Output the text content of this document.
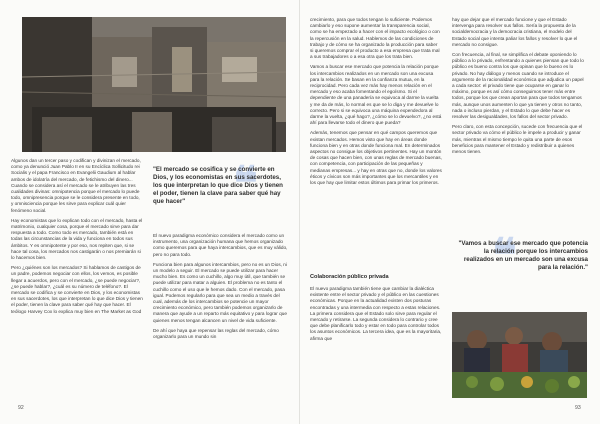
Algunos dan un tercer paso y codifican y divinizan el mercado, como ya denunció Juan Pablo II en su Encíclica Sollicitudo rei Socialis y el papa Francisco en Evangelii Gaudium al hablar ambos de idolatría del mercado, de fetichismo del dinero... Cuando se considera así el mercado se le atribuyen las tres cualidades divinas: omnipotencia porque el mercado lo puede todo, omnipresencia porque se le considera presente en todo, y omnisciencia porque les sirve para explicar cuál quier fenómeno social.

Hay economistas que lo explican todo con el mercado, hasta el matrimonio, cualquier cosa, porque el mercado sirve para dar respuesta a todo. Como todo es mercado, también está en todas las circunstancias de la vida y funciona en todos sus ámbitos. Y es omnipotente y por eso, nos repiten que, si se hace tal cosa, los mercados nos castigarán o nos premiarán si lo hacemos bien.

Pero ¿quiénes son los mercados? Si hablamos de castigos de un padre, podemos negociar con ellos, los vemos, es posible llegar a acuerdos, pero con el mercado, ¿se puede negociar?, ¿se puede hablar?, ¿cuál es su número de teléfono?. El mercado se codifica y se convierte en Dios, y los economistas en sus sacerdotes, los que interpretan lo que dice Dios y tienen el poder, tienen la clave para saber qué hay que hacer. El teólogo Harvey Cox lo explica muy bien en The Market as God

❝
"El mercado se cosifica y se convierte en Dios, y los economistas en sus sacerdotes, los que interpretan lo que dice Dios y tienen el poder, tienen la clave para saber qué hay que hacer"

El nuevo paradigma económico considera el mercado como un instrumento, una organización humana que hemos organizado como queremos para que haya intercambios, que es muy válido, pero no para todo.

Funciona bien para algunos intercambios, pero no es un Dios, ni un modelo a seguir. El mercado se puede utilizar para hacer mucho bien. Es como un cuchillo, algo muy útil, que también se puede utilizar para matar a alguien. El problema no es tanto el cuchillo como el uso que le hemos dado. Con el mercado, pasa igual. Podemos regularlo para que sea un medio a través del cual, además de los intercambios se potencie un mayor crecimiento económico, pero también podemos organizarlo de manera que ayude a un reparto más equitativo y para lograr que quienes menos tengan alcancen un nivel de vida suficiente.

De ahí que haya que repensar las reglas del mercado, cómo organizarlo para un mundo sin

92

crecimiento, para que todos tengan lo suficiente. Podemos cambiarlo y eso supone aumentar la transparencia social, como se ha empezado a hacer con el impacto ecológico o con la repercusión en la salud. Hablemos de las condiciones de trabajo y de cómo se ha organizado la producción para saber si queremos comprar el producto a esa empresa que trata mal a sus trabajadores o a esa otra que los trata bien.

Vamos a buscar ese mercado que potencia la relación porque los intercambios realizados en un mercado son una excusa para la relación. Se basan en la confianza mutua, en la reciprocidad. Pero cada vez más hay menos relación en el mercado y eso acaba fomentando el egoísmo. Si el dependiente de una panadería se equivoca al darme la vuelta y me da de más, lo normal es que se lo diga y me devuelve lo correcto. Pero si se equivoca una máquina expendedora al darme la vuelta, ¿qué hago?, ¿cómo se lo devuelvo?, ¿no está ahí para llevarse todo el dinero que pueda?

Además, tenemos que pensar en qué campos queremos que existan mercados. Hemos visto que hay en áreas donde funciona bien y en otras donde funciona mal. En determinados aspectos no consigue los objetivos pertinentes. Hay un montón de cosas que hacen bien, con unas reglas de mercado buenas, con competencia, con participación de las pequeñas y medianas empresas... y hay en otras que no, donde los valores éticos y cívicos son más importantes que los mercantiles y en los que hay que limitar estos últimos para primar los primeros.

Colaboración público privada

El nuevo paradigma también tiene que cambiar la dialéctica existente entre el sector privado y el público en las cuestiones económicas. Porque en la actualidad existen dos posturas encontradas y una intermedia con respecto a estas relaciones. La primera considera que el Estado solo sirve para regular el mercado y retirarse. La segunda considera lo contrario y cree que debe planificarlo todo y estar en todo para controlar todos los asuntos económicos. La tercera idea, que es la mayoritaria, afirma que

hay que dejar que el mercado funcione y que el Estado intervenga para resolver sus fallos. Sería la propuesta de la socialdemocracia y la democracia cristiana, el modelo del Estado social que intenta paliar los fallos y resolver lo que el mercado no consigue.

Con frecuencia, al final, se simplifica el debate oponiendo lo público a lo privado, enfrentando a quienes piensan que todo lo público es bueno contra los que opinan que lo bueno es lo privado. No hay diálogo y menos cuando se introduce el argumento de la racionalidad económica que adjudica un papel a cada sector: el privado tiene que ocuparse en ganar lo máximo, porque es así cómo conseguimos tener más entre todos, porque los que crean aportan para que todos tengamos más, aunque unos aumenten lo que ya tienen y otros no tanto, nada o incluso pierdan, y el Estado lo que debe hacer es resolver las desigualdades, los fallos del sector privado.

Pero claro, con esta concepción, sucede con frecuencia que el sector privado va cómo el público le impele a producir y ganar más, mientras el mismo tiempo le quita una parte de esos beneficios para mantener el Estado y redistribuir a quienes menos tienen.

❝
"Vamos a buscar ese mercado que potencia la relación porque los intercambios realizados en un mercado son una excusa para la relación."
93
